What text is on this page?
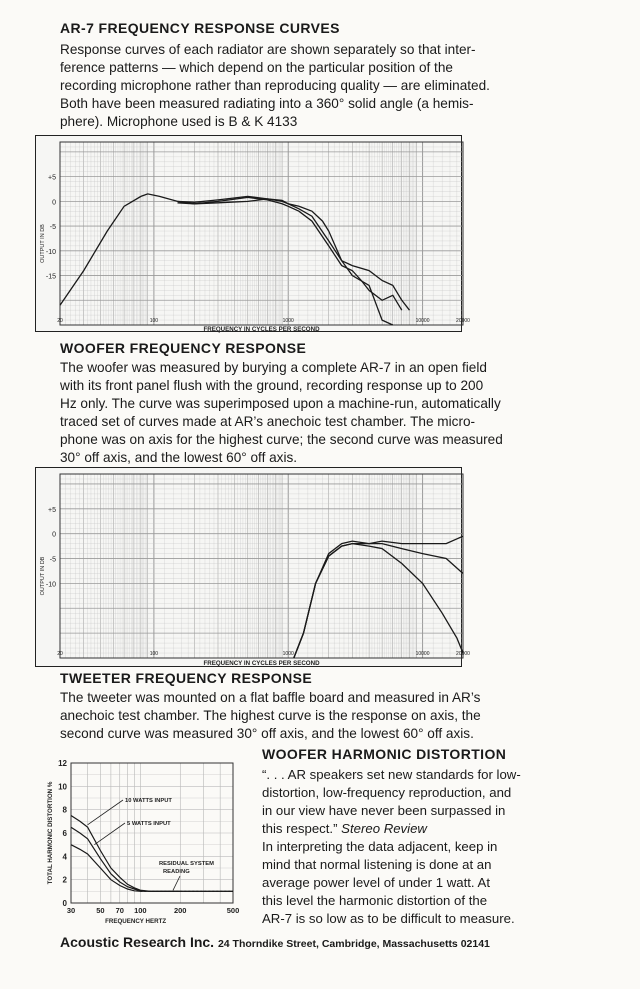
AR-7 FREQUENCY RESPONSE CURVES
Response curves of each radiator are shown separately so that inter-
ference patterns — which depend on the particular position of the
recording microphone rather than reproducing quality — are eliminated.
Both have been measured radiating into a 360° solid angle (a hemis-
phere). Microphone used is B & K 4133
+5
0
-5
-10
-15
20	100	1000	10000	20000
OUTPUT IN DB
FREQUENCY IN CYCLES PER SECOND
WOOFER FREQUENCY RESPONSE
The woofer was measured by burying a complete AR-7 in an open field
with its front panel flush with the ground, recording response up to 200
Hz only. The curve was superimposed upon a machine-run, automatically
traced set of curves made at AR’s anechoic test chamber. The micro-
phone was on axis for the highest curve; the second curve was measured
30° off axis, and the lowest 60° off axis.
+5
0
-5
-10
20	100	1000	10000	20000
OUTPUT IN DB
FREQUENCY IN CYCLES PER SECOND
TWEETER FREQUENCY RESPONSE
The tweeter was mounted on a flat baffle board and measured in AR’s
anechoic test chamber. The highest curve is the response on axis, the
second curve was measured 30° off axis, and the lowest 60° off axis.
0
2
4
6
8
10
12
30	50 70 100	200	500
FREQUENCY HERTZ
TOTAL HARMONIC DISTORTION %	10 WATTS INPUT
5 WATTS INPUT
RESIDUAL SYSTEM
READING
WOOFER HARMONIC DISTORTION
“. . . AR speakers set new standards for low-
distortion, low-frequency reproduction, and
in our view have never been surpassed in
this respect.” Stereo Review
In interpreting the data adjacent, keep in
mind that normal listening is done at an
average power level of under 1 watt. At
this level the harmonic distortion of the
AR-7 is so low as to be difficult to measure.
Acoustic Research Inc. 24 Thorndike Street, Cambridge, Massachusetts 02141
